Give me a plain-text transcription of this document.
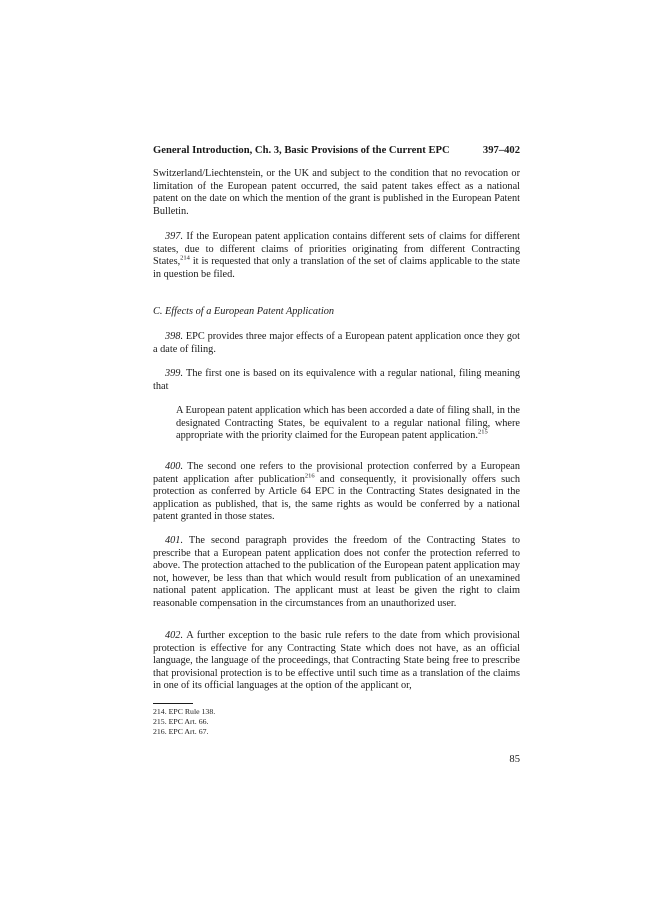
General Introduction, Ch. 3, Basic Provisions of the Current EPC	397–402

Switzerland/Liechtenstein, or the UK and subject to the condition that no revocation or limitation of the European patent occurred, the said patent takes effect as a national patent on the date on which the mention of the grant is published in the European Patent Bulletin.

397. If the European patent application contains different sets of claims for different states, due to different claims of priorities originating from different Contracting States,$^{214}$ it is requested that only a translation of the set of claims applicable to the state in question be filed.

C. Effects of a European Patent Application

398. EPC provides three major effects of a European patent application once they got a date of filing.

399. The first one is based on its equivalence with a regular national, filing meaning that

A European patent application which has been accorded a date of filing shall, in the designated Contracting States, be equivalent to a regular national filing, where appropriate with the priority claimed for the European patent application.$^{215}$

400. The second one refers to the provisional protection conferred by a European patent application after publication$^{216}$ and consequently, it provisionally offers such protection as conferred by Article 64 EPC in the Contracting States designated in the application as published, that is, the same rights as would be conferred by a national patent granted in those states.

401. The second paragraph provides the freedom of the Contracting States to prescribe that a European patent application does not confer the protection referred to above. The protection attached to the publication of the European patent application may not, however, be less than that which would result from publication of an unexamined national patent application. The applicant must at least be given the right to claim reasonable compensation in the circumstances from an unauthorized user.

402. A further exception to the basic rule refers to the date from which provisional protection is effective for any Contracting State which does not have, as an official language, the language of the proceedings, that Contracting State being free to prescribe that provisional protection is to be effective until such time as a translation of the claims in one of its official languages at the option of the applicant or,

214. EPC Rule 138.
215. EPC Art. 66.
216. EPC Art. 67.
85
